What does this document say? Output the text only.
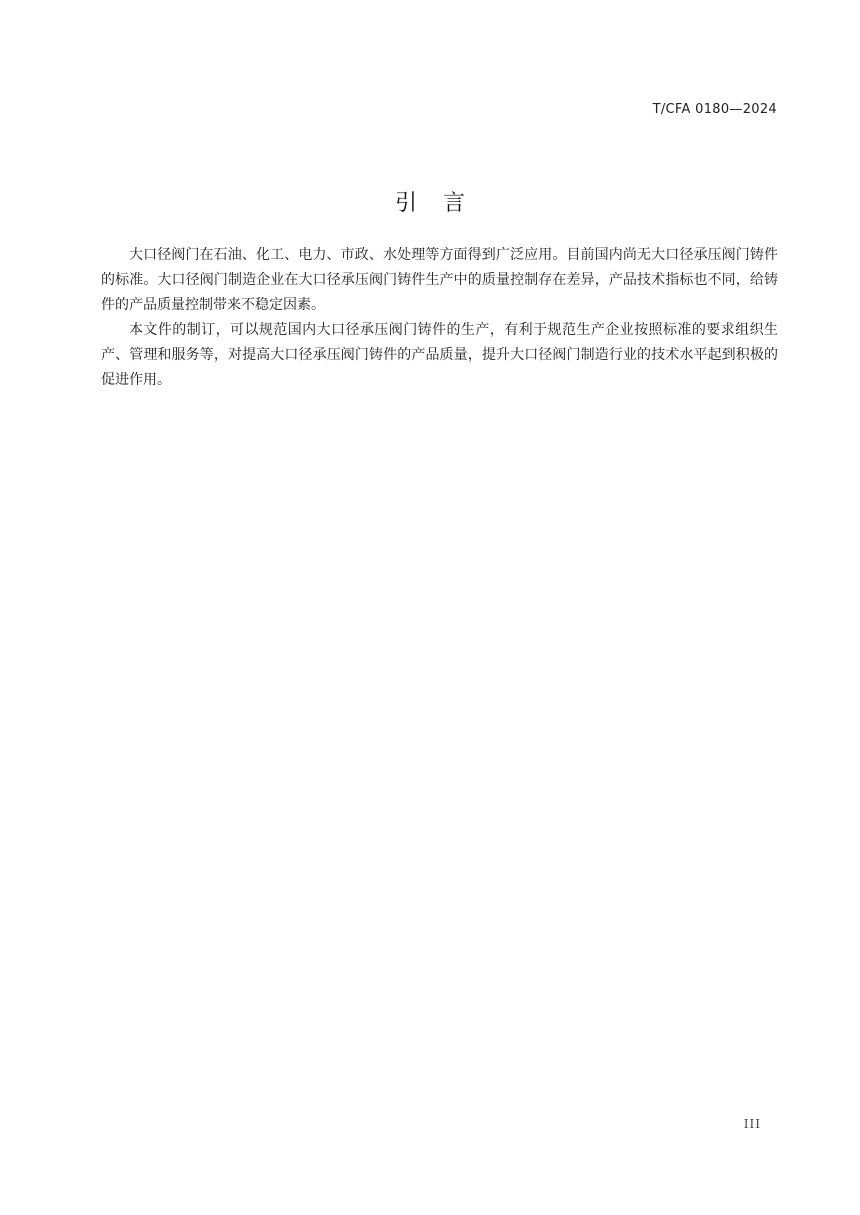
T/CFA 0180—2024
引言

大口径阀门在石油、化工、电力、市政、水处理等方面得到广泛应用。目前国内尚无大口径承压阀门铸件的标准。大口径阀门制造企业在大口径承压阀门铸件生产中的质量控制存在差异，产品技术指标也不同，给铸件的产品质量控制带来不稳定因素。

本文件的制订，可以规范国内大口径承压阀门铸件的生产，有利于规范生产企业按照标准的要求组织生产、管理和服务等，对提高大口径承压阀门铸件的产品质量，提升大口径阀门制造行业的技术水平起到积极的促进作用。

III
